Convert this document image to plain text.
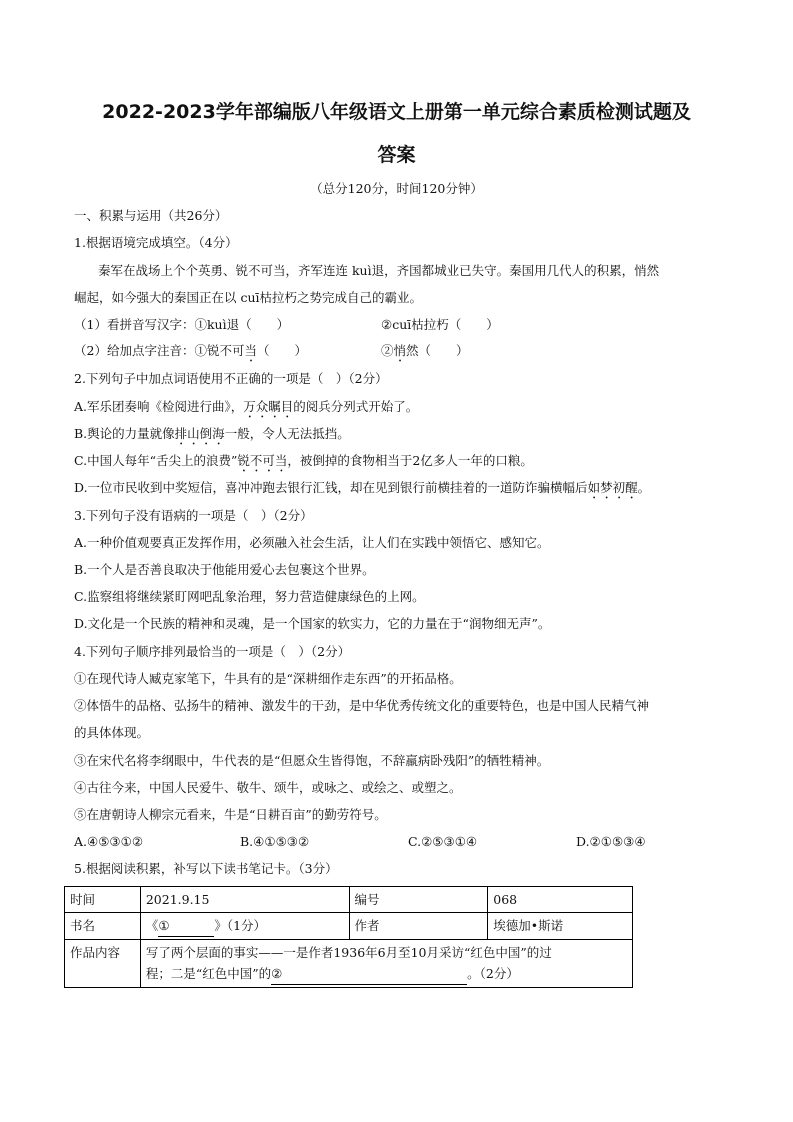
2022-2023学年部编版八年级语文上册第一单元综合素质检测试题及
答案
（总分120分，时间120分钟）
一、积累与运用（共26分）
1.根据语境完成填空。（4分）
秦军在战场上个个英勇、锐不可当，齐军连连 kuì退，齐国都城业已失守。秦国用几代人的积累，悄然
崛起，如今强大的秦国正在以 cuī枯拉朽之势完成自己的霸业。
（1）看拼音写汉字：①kuì退（　　）	②cuī枯拉朽（　　）
（2）给加点字注音：①锐不可当（　　）	②悄然（　　）
2.下列句子中加点词语使用不正确的一项是（　）（2分）
A.军乐团奏响《检阅进行曲》，万众瞩目的阅兵分列式开始了。
B.舆论的力量就像排山倒海一般，令人无法抵挡。
C.中国人每年“舌尖上的浪费”锐不可当，被倒掉的食物相当于2亿多人一年的口粮。
D.一位市民收到中奖短信，喜冲冲跑去银行汇钱，却在见到银行前横挂着的一道防诈骗横幅后如梦初醒。
3.下列句子没有语病的一项是（　）（2分）
A.一种价值观要真正发挥作用，必须融入社会生活，让人们在实践中领悟它、感知它。
B.一个人是否善良取决于他能用爱心去包裹这个世界。
C.监察组将继续紧盯网吧乱象治理，努力营造健康绿色的上网。
D.文化是一个民族的精神和灵魂，是一个国家的软实力，它的力量在于“润物细无声”。
4.下列句子顺序排列最恰当的一项是（　）（2分）
①在现代诗人臧克家笔下，牛具有的是“深耕细作走东西”的开拓品格。
②体悟牛的品格、弘扬牛的精神、激发牛的干劲，是中华优秀传统文化的重要特色，也是中国人民精气神
的具体体现。
③在宋代名将李纲眼中，牛代表的是“但愿众生皆得饱，不辞羸病卧残阳”的牺牲精神。
④古往今来，中国人民爱牛、敬牛、颂牛，或咏之、或绘之、或塑之。
⑤在唐朝诗人柳宗元看来，牛是“日耕百亩”的勤劳符号。
A.④⑤③①②	B.④①⑤③②	C.②⑤③①④	D.②①⑤③④
5.根据阅读积累，补写以下读书笔记卡。（3分）
时间	2021.9.15	编号	068
书名	《① 》（1分）	作者	埃德加•斯诺
作品内容	写了两个层面的事实——一是作者1936年6月至10月采访“红色中国”的过
程；二是“红色中国”的② 。（2分）		
